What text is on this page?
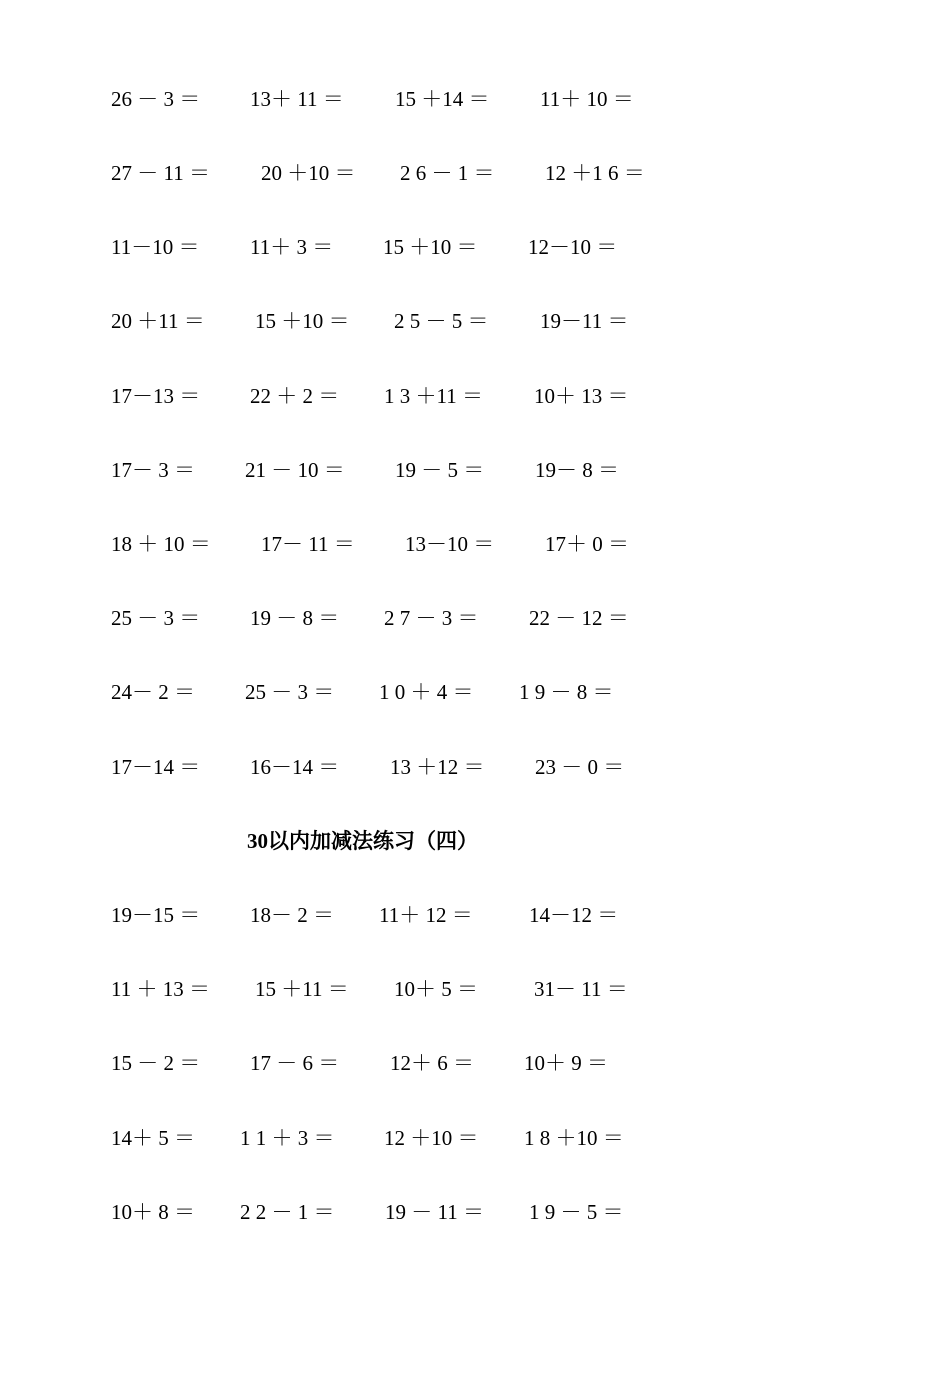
26 － 3 ＝

13＋ 11 ＝

15 ＋14 ＝

11＋ 10 ＝

27 － 11 ＝

20 ＋10 ＝

2 6 － 1 ＝

12 ＋1 6 ＝

11－10 ＝

11＋ 3 ＝

15 ＋10 ＝

12－10 ＝

20 ＋11 ＝

15 ＋10 ＝

2 5 － 5 ＝

19－11 ＝

17－13 ＝

22 ＋ 2 ＝

1 3 ＋11 ＝

10＋ 13 ＝

17－ 3 ＝

21 － 10 ＝

19 － 5 ＝

19－ 8 ＝

18 ＋ 10 ＝

17－ 11 ＝

13－10 ＝

17＋ 0 ＝

25 － 3 ＝

19 － 8 ＝

2 7 － 3 ＝

22 － 12 ＝

24－ 2 ＝

25 － 3 ＝

1 0 ＋ 4 ＝

1 9 － 8 ＝

17－14 ＝

16－14 ＝

13 ＋12 ＝

23 － 0 ＝

30以内加减法练习（四）

19－15 ＝

18－ 2 ＝

11＋ 12 ＝

	14－12 ＝

11 ＋ 13 ＝

15 ＋11 ＝

10＋ 5 ＝

	31－ 11 ＝

15 － 2 ＝

17 － 6 ＝

12＋ 6 ＝

10＋ 9 ＝

14＋ 5 ＝

1 1 ＋ 3 ＝

12 ＋10 ＝

1 8 ＋10 ＝

10＋ 8 ＝

2 2 － 1 ＝

19 － 11 ＝

1 9 － 5 ＝
